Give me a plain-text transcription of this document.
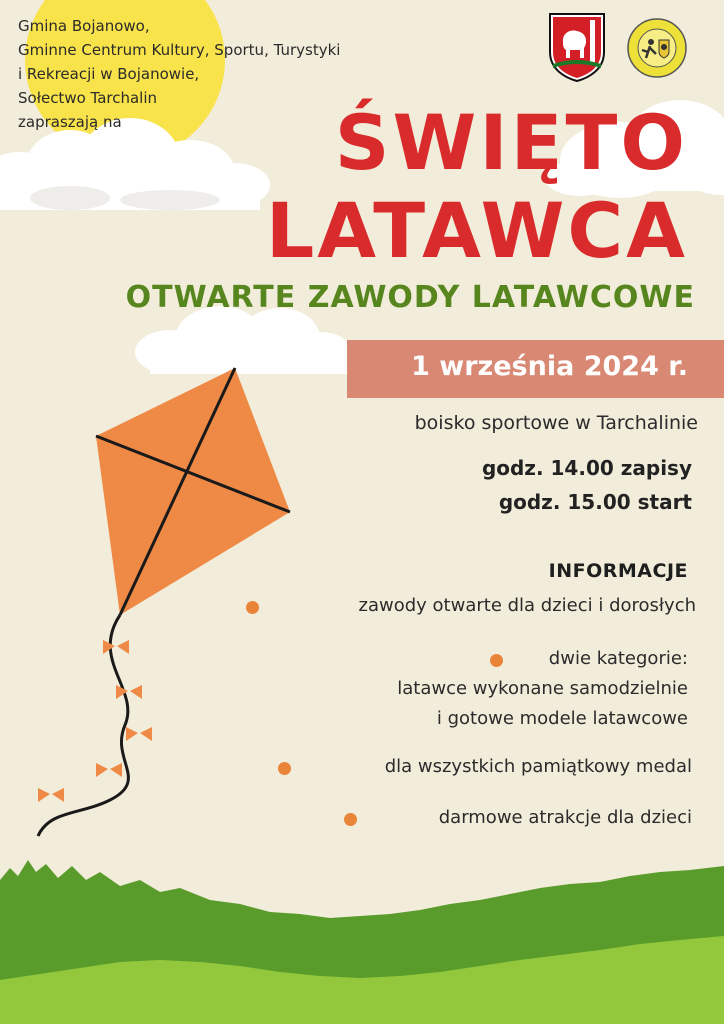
Gmina Bojanowo,
Gminne Centrum Kultury, Sportu, Turystyki
i Rekreacji w Bojanowie,
Sołectwo Tarchalin
zapraszają na	ŚWIĘTO
LATAWCA
OTWARTE ZAWODY LATAWCOWE
1 września 2024 r.
boisko sportowe w Tarchalinie
godz. 14.00 zapisy
godz. 15.00 start
INFORMACJE
zawody otwarte dla dzieci i dorosłych
dwie kategorie:
latawce wykonane samodzielnie
i gotowe modele latawcowe
dla wszystkich pamiątkowy medal
darmowe atrakcje dla dzieci
